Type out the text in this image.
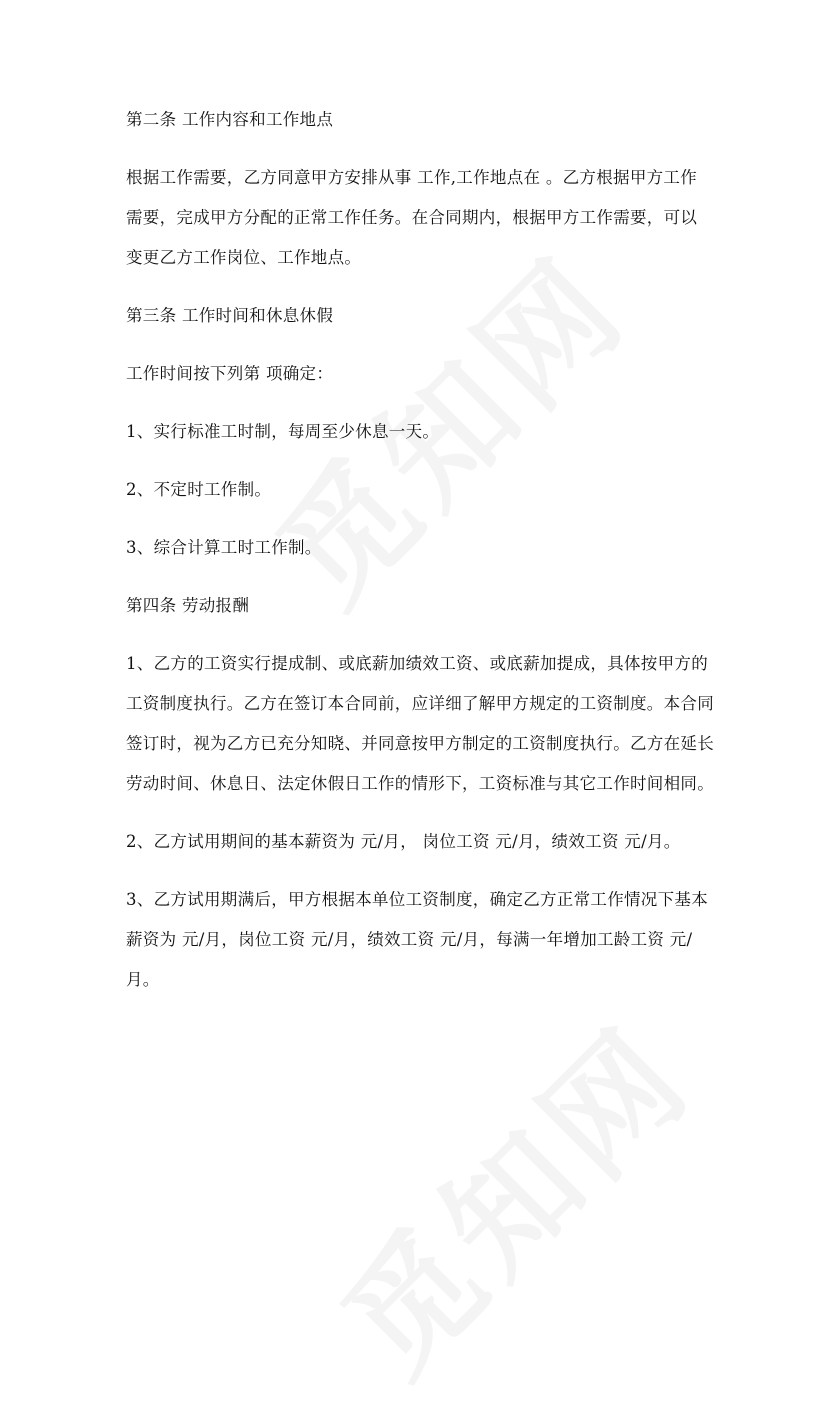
第二条 工作内容和工作地点
根据工作需要，乙方同意甲方安排从事 工作,工作地点在 。乙方根据甲方工作
需要，完成甲方分配的正常工作任务。在合同期内，根据甲方工作需要，可以
变更乙方工作岗位、工作地点。
第三条 工作时间和休息休假
工作时间按下列第 项确定：
1、实行标准工时制，每周至少休息一天。
2、不定时工作制。
3、综合计算工时工作制。
第四条 劳动报酬
1、乙方的工资实行提成制、或底薪加绩效工资、或底薪加提成，具体按甲方的
工资制度执行。乙方在签订本合同前，应详细了解甲方规定的工资制度。本合同
签订时，视为乙方已充分知晓、并同意按甲方制定的工资制度执行。乙方在延长
劳动时间、休息日、法定休假日工作的情形下，工资标准与其它工作时间相同。
2、乙方试用期间的基本薪资为 元/月， 岗位工资 元/月，绩效工资 元/月。
3、乙方试用期满后，甲方根据本单位工资制度，确定乙方正常工作情况下基本
薪资为 元/月，岗位工资 元/月，绩效工资 元/月，每满一年增加工龄工资 元/
月。
